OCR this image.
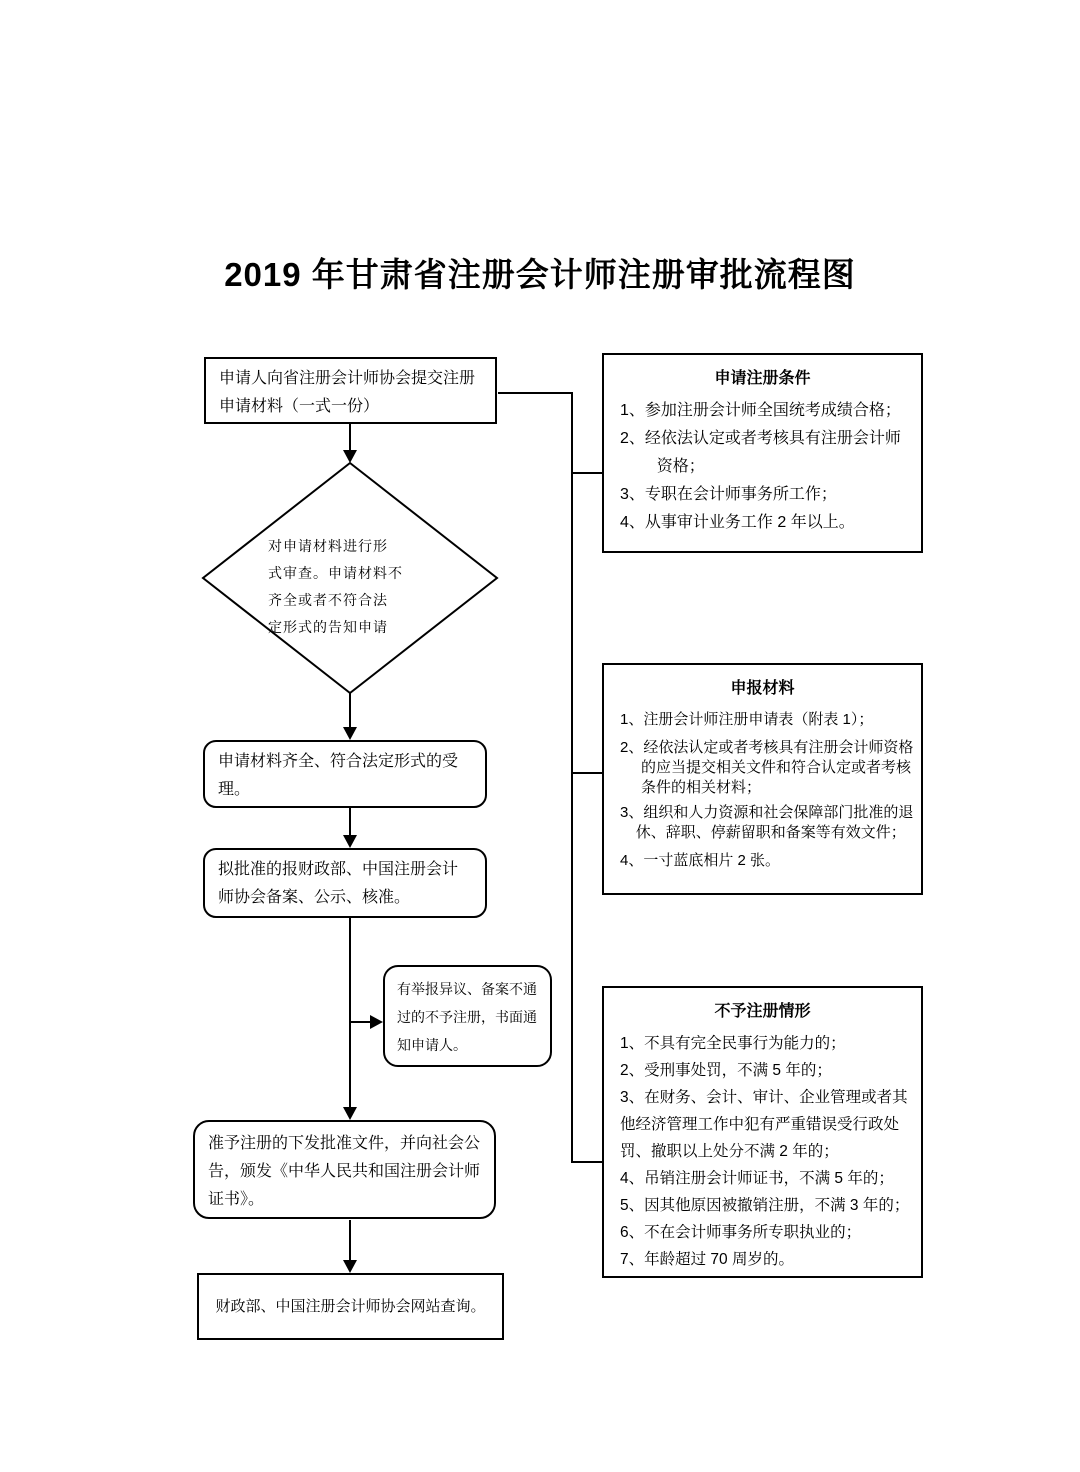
2019 年甘肃省注册会计师注册审批流程图
申请人向省注册会计师协会提交注册申请材料（一式一份）
对申请材料进行形
式审查。申请材料不
齐全或者不符合法
定形式的告知申请
申请材料齐全、符合法定形式的受理。
拟批准的报财政部、中国注册会计师协会备案、公示、核准。
有举报异议、备案不通过的不予注册，书面通知申请人。
准予注册的下发批准文件，并向社会公告，颁发《中华人民共和国注册会计师证书》。
财政部、中国注册会计师协会网站查询。
申请注册条件
1、参加注册会计师全国统考成绩合格；
2、经依法认定或者考核具有注册会计师资格；
3、专职在会计师事务所工作；
4、从事审计业务工作 2 年以上。
申报材料
1、注册会计师注册申请表（附表 1）；
2、经依法认定或者考核具有注册会计师资格的应当提交相关文件和符合认定或者考核条件的相关材料；
3、组织和人力资源和社会保障部门批准的退休、辞职、停薪留职和备案等有效文件；
4、一寸蓝底相片 2 张。
不予注册情形
1、不具有完全民事行为能力的；
2、受刑事处罚，不满 5 年的；
3、在财务、会计、审计、企业管理或者其他经济管理工作中犯有严重错误受行政处罚、撤职以上处分不满 2 年的；
4、吊销注册会计师证书，不满 5 年的；
5、因其他原因被撤销注册，不满 3 年的；
6、不在会计师事务所专职执业的；
7、年龄超过 70 周岁的。
